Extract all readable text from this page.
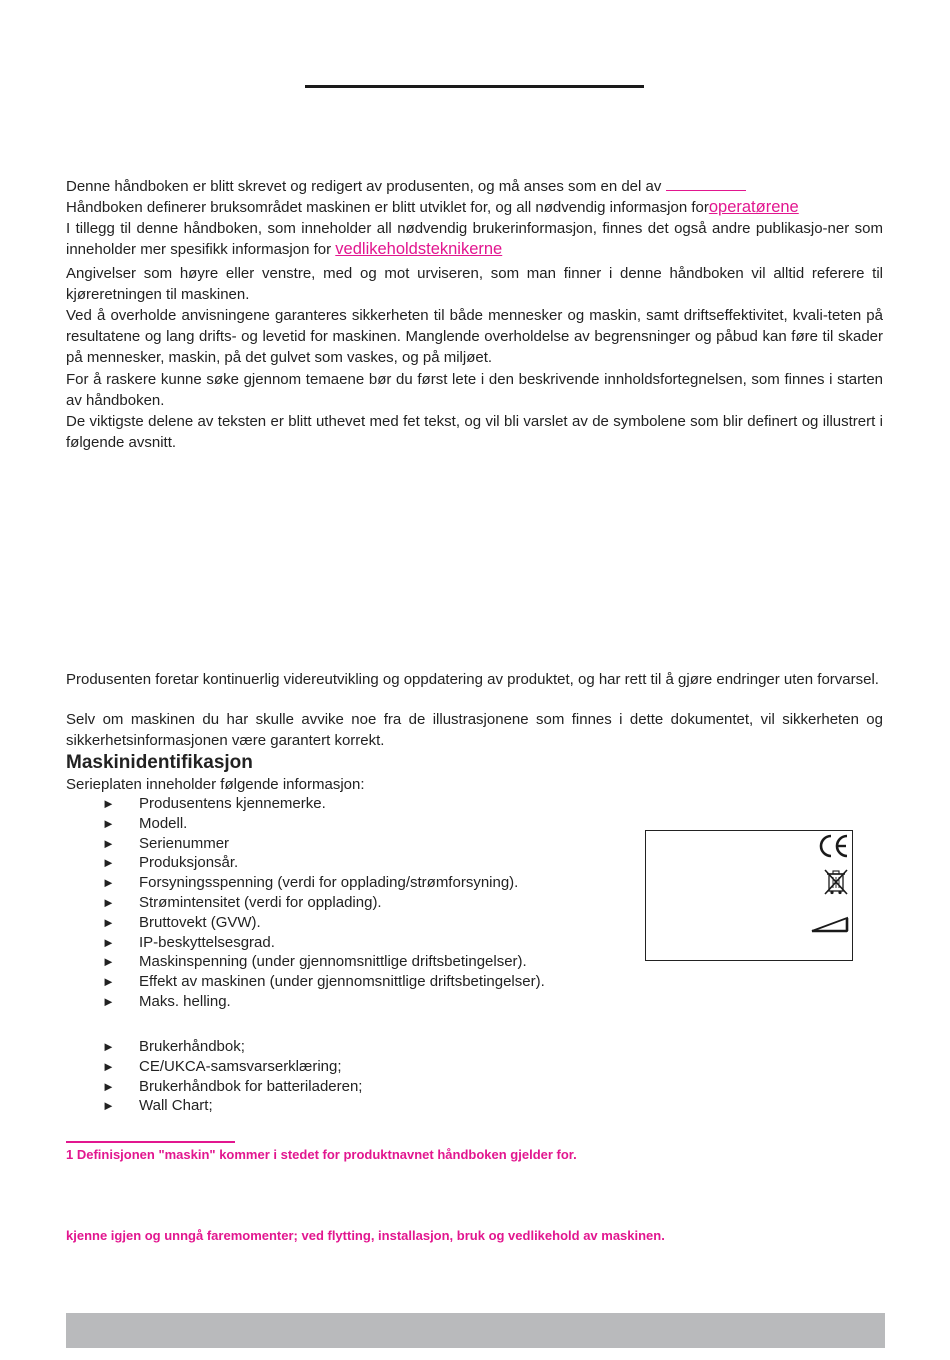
Denne håndboken er blitt skrevet og redigert av produsenten, og må anses som en del av
Håndboken definerer bruksområdet maskinen er blitt utviklet for, og all nødvendig informasjon foroperatørene
I tillegg til denne håndboken, som inneholder all nødvendig brukerinformasjon, finnes det også andre publikasjo-ner som inneholder mer spesifikk informasjon for vedlikeholdsteknikerne

Angivelser som høyre eller venstre, med og mot urviseren, som man finner i denne håndboken vil alltid referere til kjøreretningen til maskinen.

Ved å overholde anvisningene garanteres sikkerheten til både mennesker og maskin, samt driftseffektivitet, kvali-teten på resultatene og lang drifts- og levetid for maskinen. Manglende overholdelse av begrensninger og påbud kan føre til skader på mennesker, maskin, på det gulvet som vaskes, og på miljøet.

For å raskere kunne søke gjennom temaene bør du først lete i den beskrivende innholdsfortegnelsen, som finnes i starten av håndboken.

De viktigste delene av teksten er blitt uthevet med fet tekst, og vil bli varslet av de symbolene som blir definert og illustrert i følgende avsnitt.

Produsenten foretar kontinuerlig videreutvikling og oppdatering av produktet, og har rett til å gjøre endringer uten forvarsel.

Selv om maskinen du har skulle avvike noe fra de illustrasjonene som finnes i dette dokumentet, vil sikkerheten og sikkerhetsinformasjonen være garantert korrekt.

Maskinidentifikasjon

Serieplaten inneholder følgende informasjon:

► Produsentens kjennemerke.
► Modell.
► Serienummer
► Produksjonsår.
► Forsyningsspenning (verdi for opplading/strømforsyning).
► Strømintensitet (verdi for opplading).
► Bruttovekt (GVW).
► IP-beskyttelsesgrad.
► Maskinspenning (under gjennomsnittlige driftsbetingelser).
► Effekt av maskinen (under gjennomsnittlige driftsbetingelser).
► Maks. helling.
► Brukerhåndbok;
► CE/UKCA-samsvarserklæring;
► Brukerhåndbok for batteriladeren;
► Wall Chart;

1 Definisjonen "maskin" kommer i stedet for produktnavnet håndboken gjelder for.

kjenne igjen og unngå faremomenter; ved flytting, installasjon, bruk og vedlikehold av maskinen.
